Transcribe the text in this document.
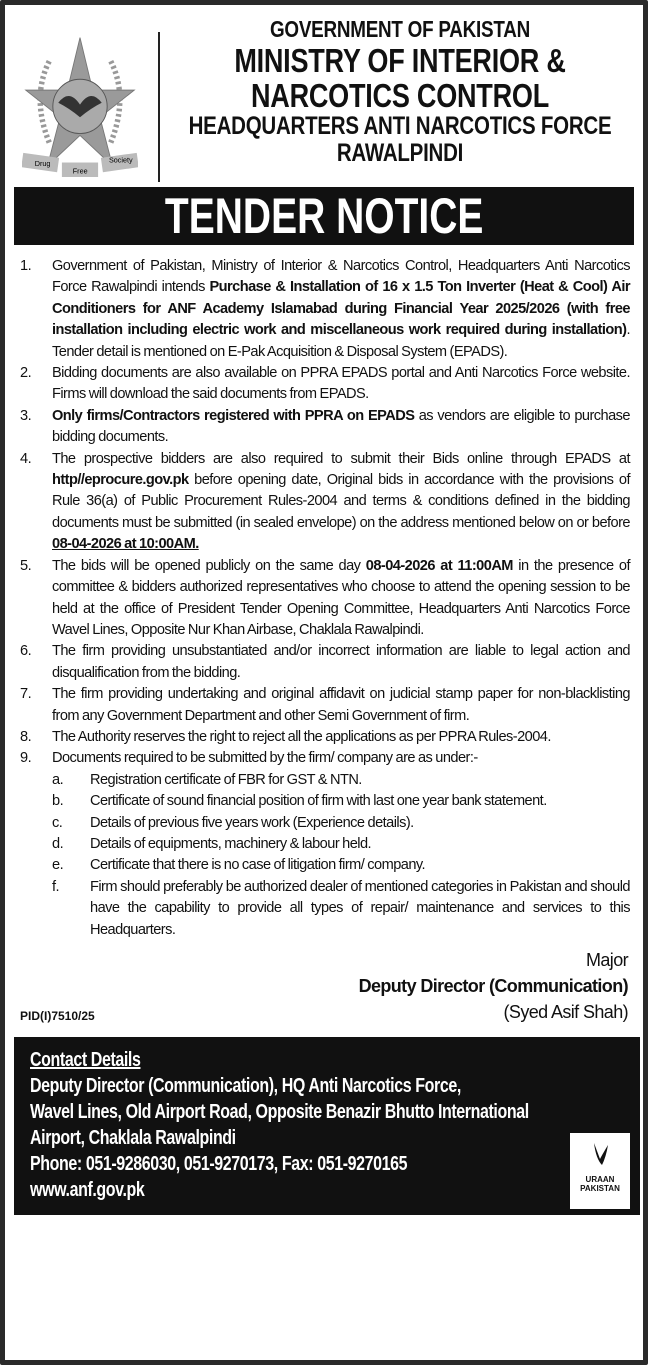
Drug
Free
Society
GOVERNMENT OF PAKISTAN
MINISTRY OF INTERIOR &
NARCOTICS CONTROL
HEADQUARTERS ANTI NARCOTICS FORCE
RAWALPINDI
TENDER NOTICE
1.	Government of Pakistan, Ministry of Interior & Narcotics Control, Headquarters Anti Narcotics Force Rawalpindi intends Purchase & Installation of 16 x 1.5 Ton Inverter (Heat & Cool) Air Conditioners for ANF Academy Islamabad during Financial Year 2025/2026 (with free installation including electric work and miscellaneous work required during installation). Tender detail is mentioned on E-Pak Acquisition & Disposal System (EPADS).
2.	Bidding documents are also available on PPRA EPADS portal and Anti Narcotics Force website. Firms will download the said documents from EPADS.
3.	Only firms/Contractors registered with PPRA on EPADS as vendors are eligible to purchase bidding documents.
4.	The prospective bidders are also required to submit their Bids online through EPADS at http//eprocure.gov.pk before opening date, Original bids in accordance with the provisions of Rule 36(a) of Public Procurement Rules-2004 and terms & conditions defined in the bidding documents must be submitted (in sealed envelope) on the address mentioned below on or before 08-04-2026 at 10:00AM.
5.	The bids will be opened publicly on the same day 08-04-2026 at 11:00AM in the presence of committee & bidders authorized representatives who choose to attend the opening session to be held at the office of President Tender Opening Committee, Headquarters Anti Narcotics Force Wavel Lines, Opposite Nur Khan Airbase, Chaklala Rawalpindi.
6.	The firm providing unsubstantiated and/or incorrect information are liable to legal action and disqualification from the bidding.
7.	The firm providing undertaking and original affidavit on judicial stamp paper for non-blacklisting from any Government Department and other Semi Government of firm.
8.	The Authority reserves the right to reject all the applications as per PPRA Rules-2004.
9.	Documents required to be submitted by the firm/ company are as under:-
a.	Registration certificate of FBR for GST & NTN.
b.	Certificate of sound financial position of firm with last one year bank statement.
c.	Details of previous five years work (Experience details).
d.	Details of equipments, machinery & labour held.
e.	Certificate that there is no case of litigation firm/ company.
f.	Firm should preferably be authorized dealer of mentioned categories in Pakistan and should have the capability to provide all types of repair/ maintenance and services to this Headquarters.
Major
Deputy Director (Communication)
(Syed Asif Shah)
PID(I)7510/25
Contact Details
Deputy Director (Communication), HQ Anti Narcotics Force,
Wavel Lines, Old Airport Road, Opposite Benazir Bhutto International
Airport, Chaklala Rawalpindi
Phone: 051-9286030, 051-9270173, Fax: 051-9270165
www.anf.gov.pk	URAAN PAKISTAN
